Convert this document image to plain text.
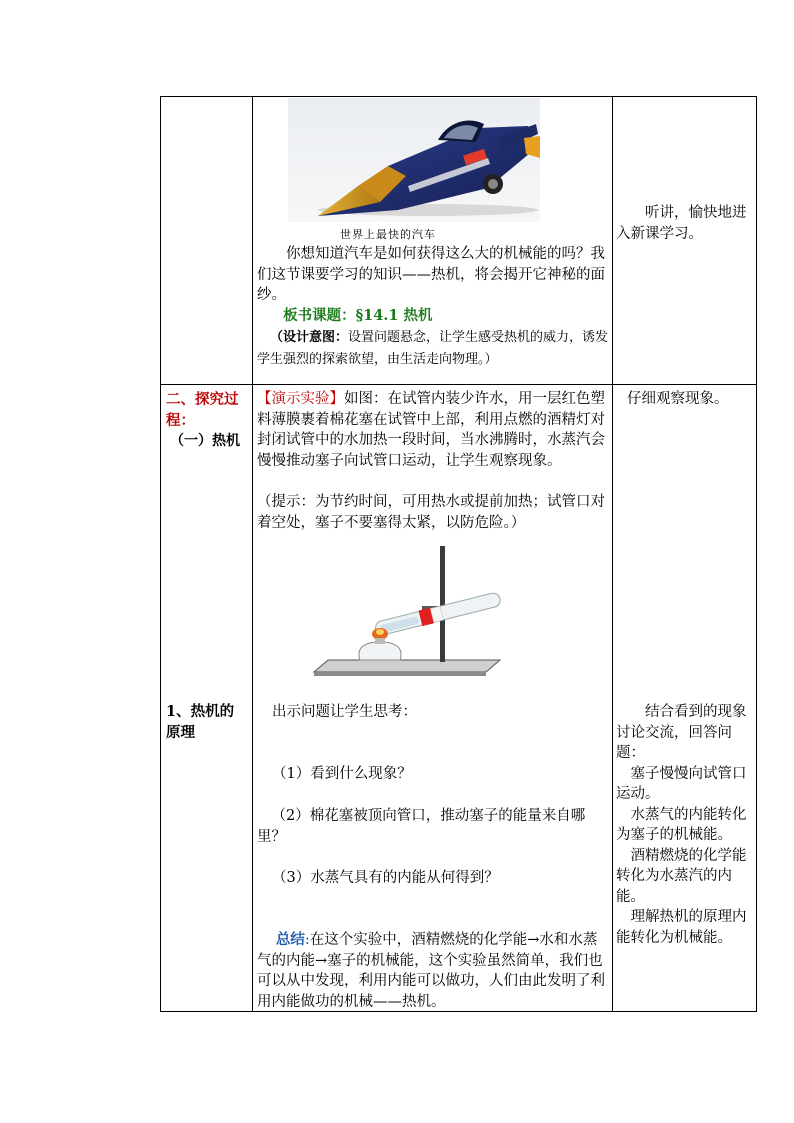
世界上最快的汽车

你想知道汽车是如何获得这么大的机械能的吗？我们这节课要学习的知识——热机，将会揭开它神秘的面纱。

板书课题：§14.1 热机

（设计意图：设置问题悬念，让学生感受热机的威力，诱发学生强烈的探索欲望，由生活走向物理。）

听讲，愉快地进入新课学习。

二、探究过程：

（一）热机
1、热机的原理

【演示实验】如图：在试管内装少许水，用一层红色塑料薄膜裹着棉花塞在试管中上部，利用点燃的酒精灯对封闭试管中的水加热一段时间，当水沸腾时，水蒸汽会慢慢推动塞子向试管口运动，让学生观察现象。

（提示：为节约时间，可用热水或提前加热；试管口对着空处，塞子不要塞得太紧，以防危险。）
出示问题让学生思考：
（1）看到什么现象？
（2）棉花塞被顶向管口，推动塞子的能量来自哪里？
（3）水蒸气具有的内能从何得到？

总结:在这个实验中，酒精燃烧的化学能→水和水蒸气的内能→塞子的机械能，这个实验虽然简单，我们也可以从中发现，利用内能可以做功，人们由此发明了利用内能做功的机械——热机。

仔细观察现象。

结合看到的现象讨论交流，回答问题：

塞子慢慢向试管口运动。

水蒸气的内能转化为塞子的机械能。

酒精燃烧的化学能转化为水蒸汽的内能。

理解热机的原理内能转化为机械能。
